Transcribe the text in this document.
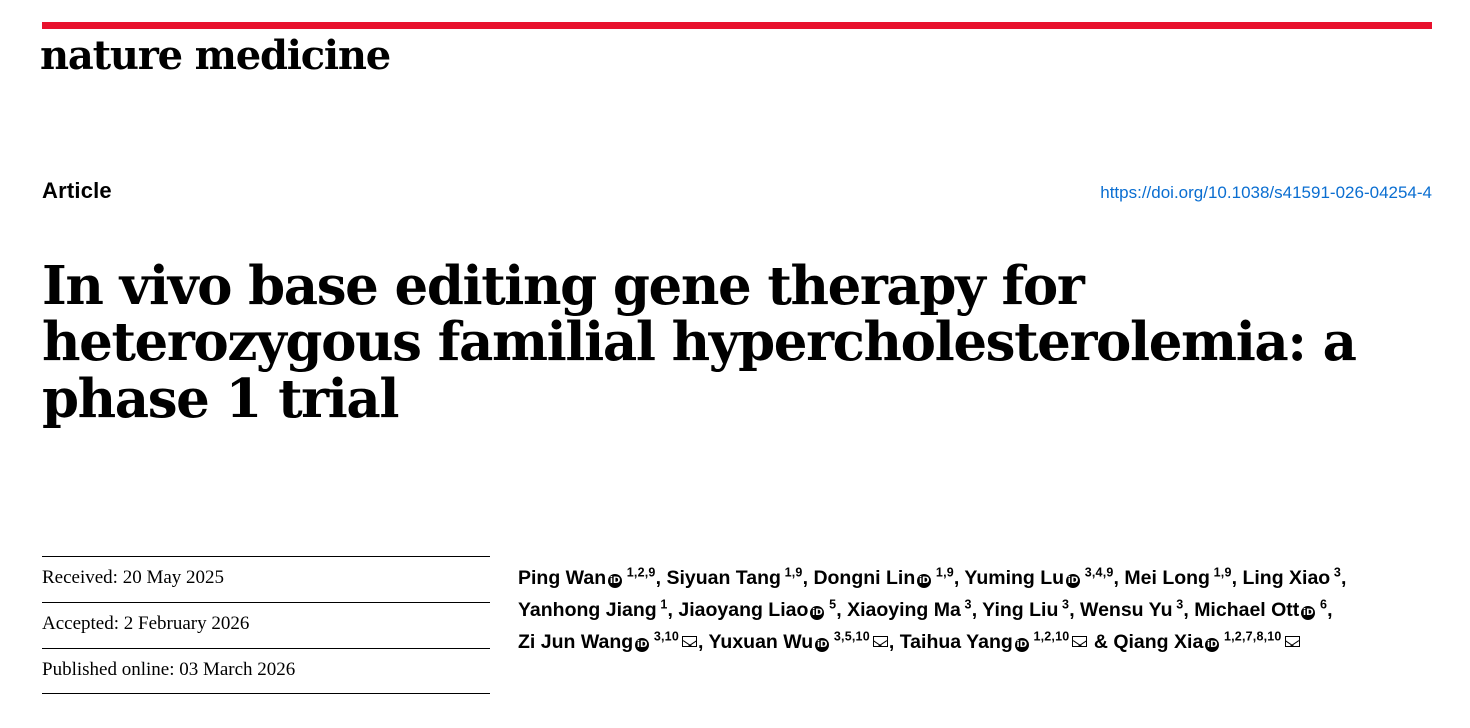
nature medicine
Article	https://doi.org/10.1038/s41591-026-04254-4
In vivo base editing gene therapy for heterozygous familial hypercholesterolemia: a phase 1 trial
Received: 20 May 2025
Accepted: 2 February 2026
Published online: 03 March 2026
Ping Wan iD $^{1,2,9}$, Siyuan Tang $^{1,9}$, Dongni Lin iD $^{1,9}$, Yuming Lu iD $^{3,4,9}$, Mei Long $^{1,9}$, Ling Xiao $^3$, Yanhong Jiang $^1$, Jiaoyang Liao iD $^5$, Xiaoying Ma $^3$, Ying Liu $^3$, Wensu Yu $^3$, Michael Ott iD $^6$, Zi Jun Wang iD $^{3,10}$ , Yuxuan Wu iD $^{3,5,10}$ , Taihua Yang iD $^{1,2,10}$ & Qiang Xia iD $^{1,2,7,8,10}$
